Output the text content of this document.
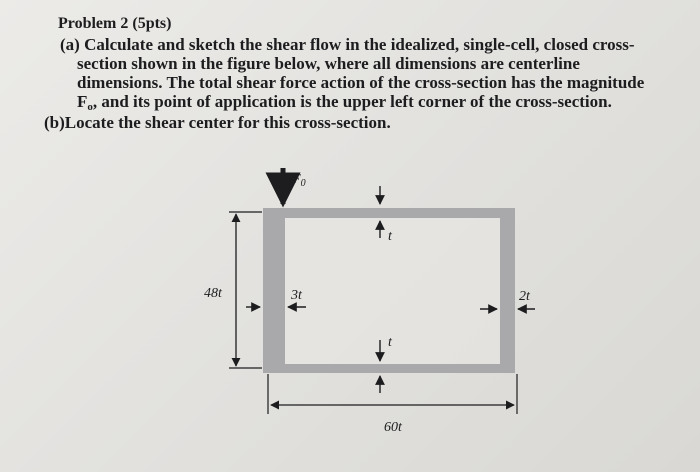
Problem 2 (5pts)
(a) Calculate and sketch the shear flow in the idealized, single-cell, closed cross-
section shown in the figure below, where all dimensions are centerline
dimensions. The total shear force action of the cross-section has the magnitude
Fo, and its point of application is the upper left corner of the cross-section.
(b)Locate the shear center for this cross-section.
$F_0$
t
t
3t	2t
48t
60t
